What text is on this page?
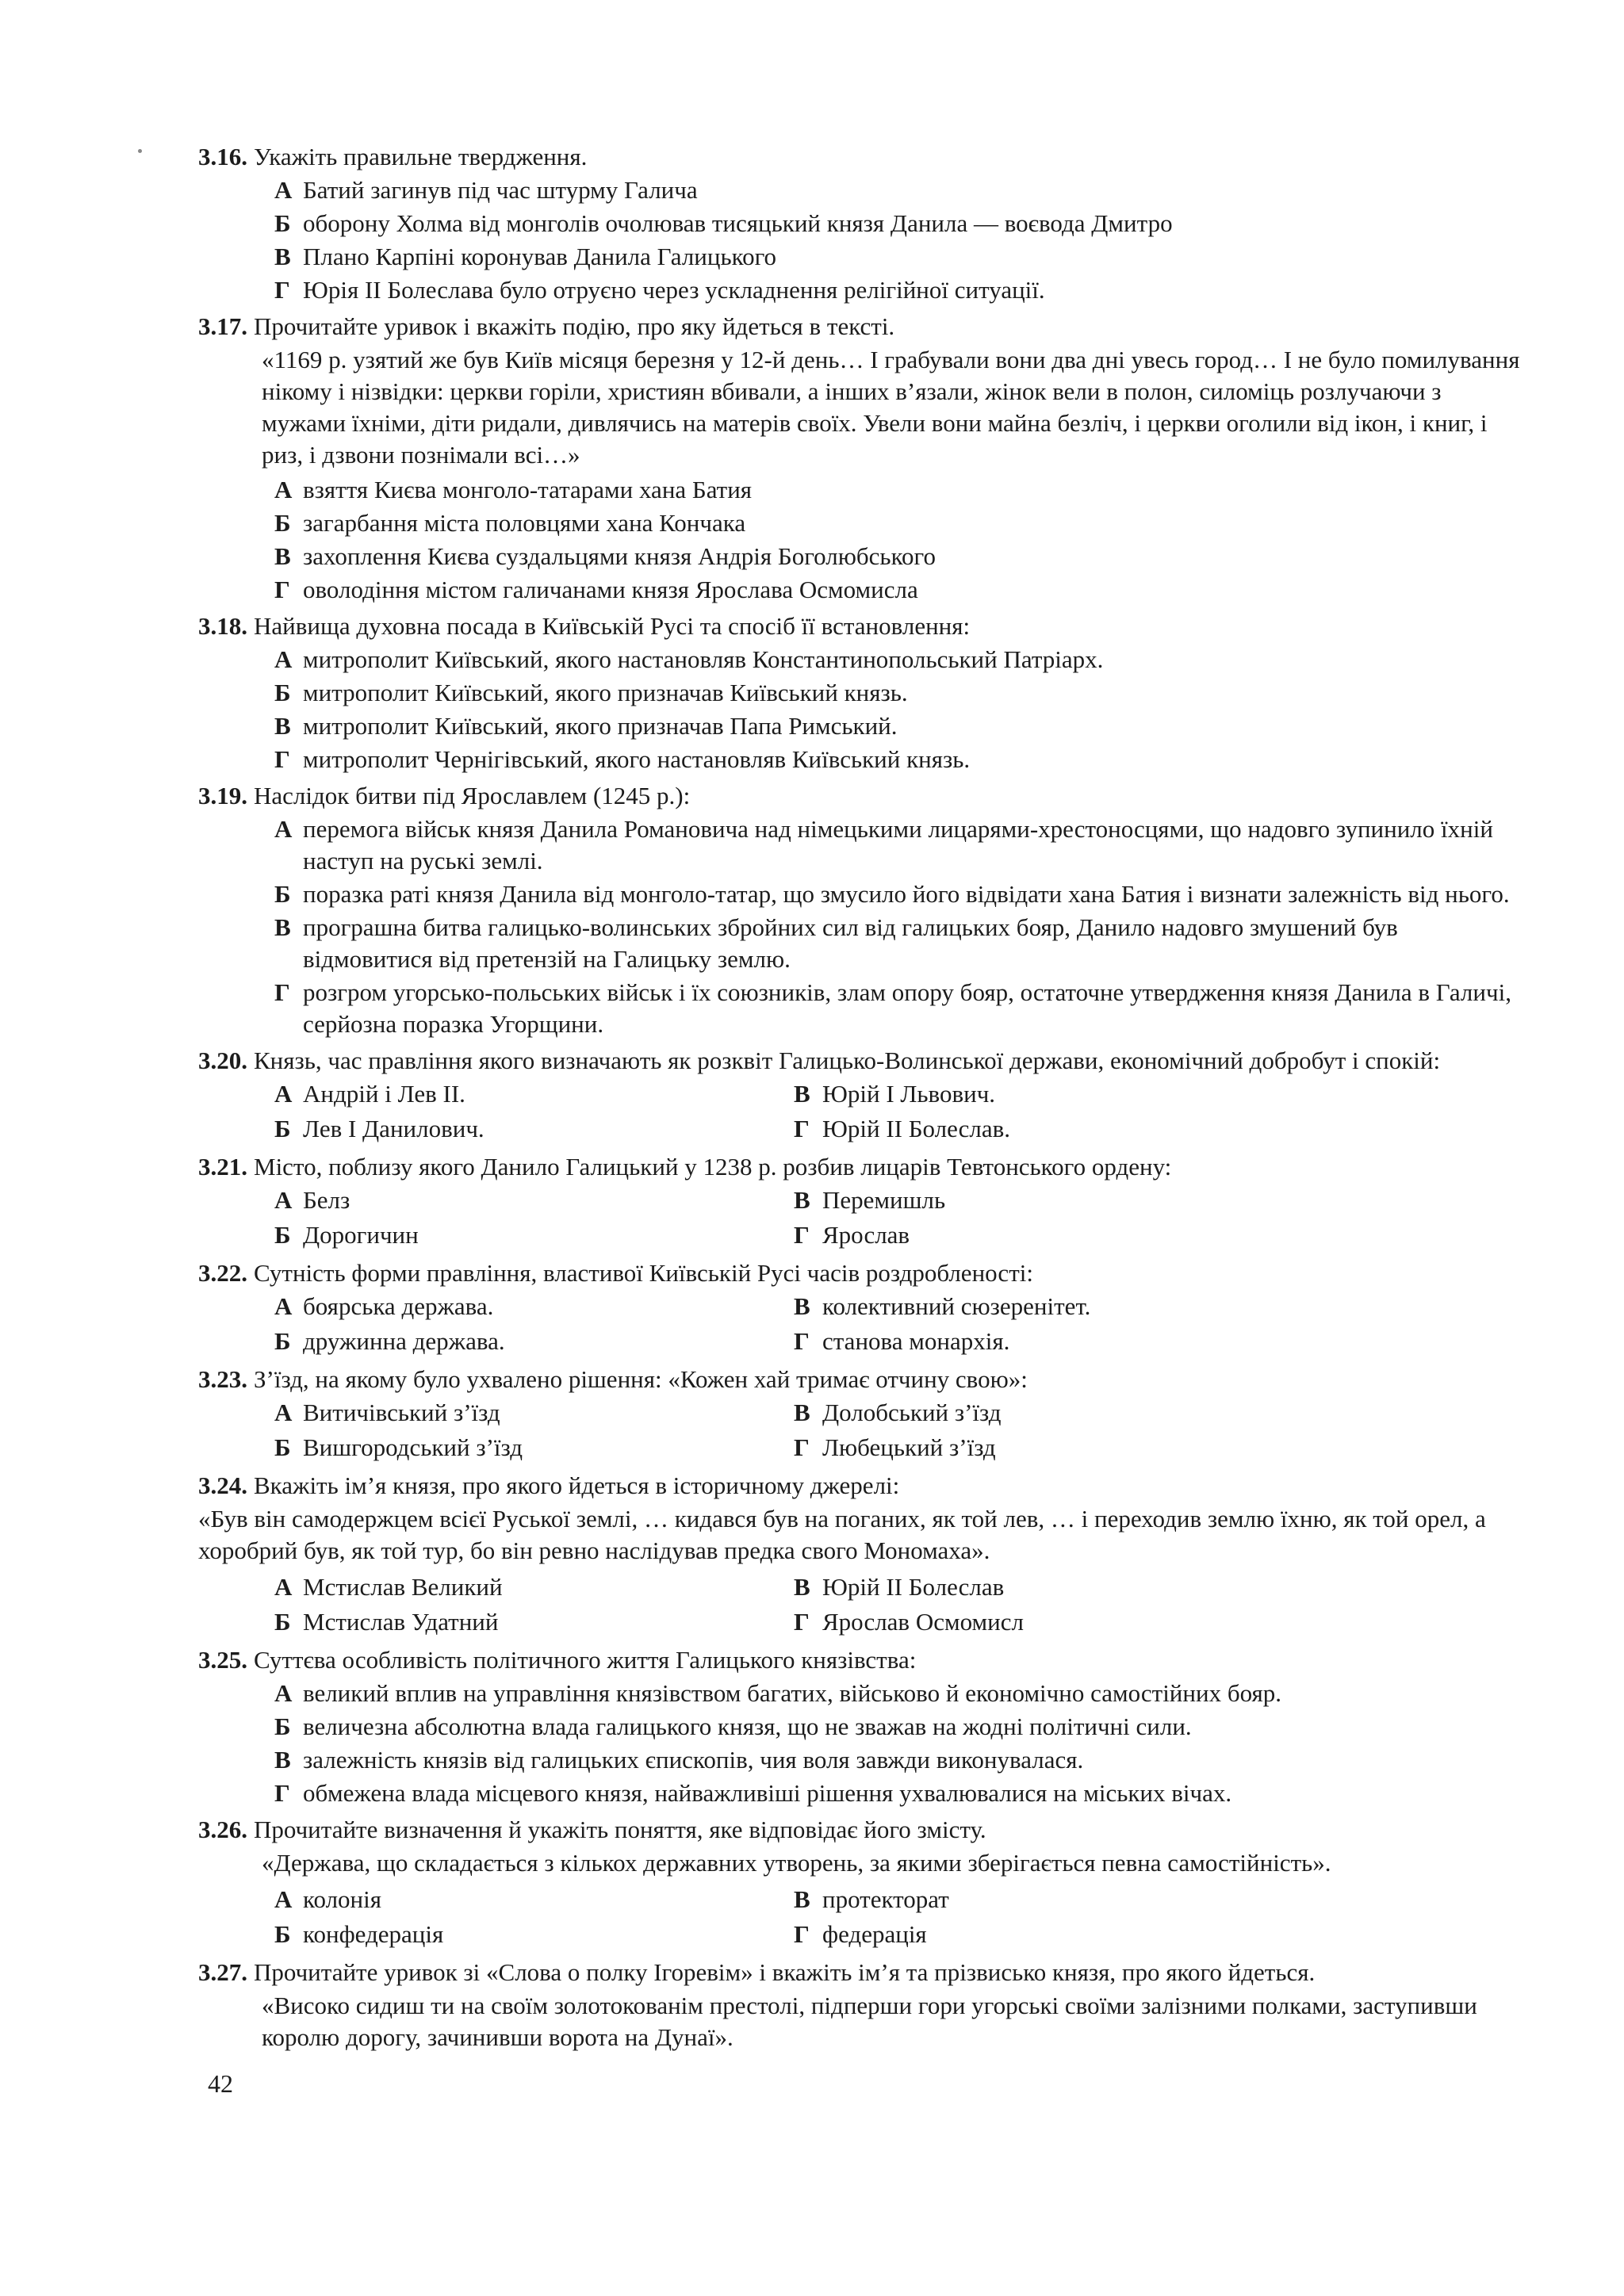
3.16. Укажіть правильне твердження.
А Батий загинув під час штурму Галича
Б оборону Холма від монголів очолював тисяцький князя Данила — воєвода Дмитро
В Плано Карпіні коронував Данила Галицького
Г Юрія II Болеслава було отруєно через ускладнення релігійної ситуації.
3.17. Прочитайте уривок і вкажіть подію, про яку йдеться в тексті.
«1169 р. узятий же був Київ місяця березня у 12-й день… І грабували вони два дні увесь город… І не було помилування нікому і нізвідки: церкви горіли, християн вбивали, а інших в’язали, жінок вели в полон, силоміць розлучаючи з мужами їхніми, діти ридали, дивлячись на матерів своїх. Увели вони майна безліч, і церкви оголили від ікон, і книг, і риз, і дзвони познімали всі…»
А взяття Києва монголо-татарами хана Батия
Б загарбання міста половцями хана Кончака
В захоплення Києва суздальцями князя Андрія Боголюбського
Г оволодіння містом галичанами князя Ярослава Осмомисла
3.18. Найвища духовна посада в Київській Русі та спосіб її встановлення:
А митрополит Київський, якого настановляв Константинопольський Патріарх.
Б митрополит Київський, якого призначав Київський князь.
В митрополит Київський, якого призначав Папа Римський.
Г митрополит Чернігівський, якого настановляв Київський князь.
3.19. Наслідок битви під Ярославлем (1245 р.):
А перемога військ князя Данила Романовича над німецькими лицарями-хрестоносцями, що надовго зупинило їхній наступ на руські землі.
Б поразка раті князя Данила від монголо-татар, що змусило його відвідати хана Батия і визнати залежність від нього.
В програшна битва галицько-волинських збройних сил від галицьких бояр, Данило надовго змушений був відмовитися від претензій на Галицьку землю.
Г розгром угорсько-польських військ і їх союзників, злам опору бояр, остаточне утвердження князя Данила в Галичі, серйозна поразка Угорщини.
3.20. Князь, час правління якого визначають як розквіт Галицько-Волинської держави, економічний добробут і спокій:
А Андрій і Лев II.	В Юрій І Львович.
Б Лев І Данилович.	Г Юрій II Болеслав.
3.21. Місто, поблизу якого Данило Галицький у 1238 р. розбив лицарів Тевтонського ордену:
А Белз	В Перемишль
Б Дорогичин	Г Ярослав
3.22. Сутність форми правління, властивої Київській Русі часів роздробленості:
А боярська держава.	В колективний сюзеренітет.
Б дружинна держава.	Г станова монархія.
3.23. З’їзд, на якому було ухвалено рішення: «Кожен хай тримає отчину свою»:
А Витичівський з’їзд	В Долобський з’їзд
Б Вишгородський з’їзд	Г Любецький з’їзд
3.24. Вкажіть ім’я князя, про якого йдеться в історичному джерелі:
«Був він самодержцем всієї Руської землі, … кидався був на поганих, як той лев, … і переходив землю їхню, як той орел, а хоробрий був, як той тур, бо він ревно наслідував предка свого Мономаха».
А Мстислав Великий	В Юрій II Болеслав
Б Мстислав Удатний	Г Ярослав Осмомисл
3.25. Суттєва особливість політичного життя Галицького князівства:
А великий вплив на управління князівством багатих, військово й економічно самостійних бояр.
Б величезна абсолютна влада галицького князя, що не зважав на жодні політичні сили.
В залежність князів від галицьких єпископів, чия воля завжди виконувалася.
Г обмежена влада місцевого князя, найважливіші рішення ухвалювалися на міських вічах.
3.26. Прочитайте визначення й укажіть поняття, яке відповідає його змісту.
«Держава, що складається з кількох державних утворень, за якими зберігається певна самостійність».
А колонія	В протекторат
Б конфедерація	Г федерація
3.27. Прочитайте уривок зі «Слова о полку Ігоревім» і вкажіть ім’я та прізвисько князя, про якого йдеться.
«Високо сидиш ти на своїм золотокованім престолі, підперши гори угорські своїми залізними полками, заступивши королю дорогу, зачинивши ворота на Дунаї».
42
